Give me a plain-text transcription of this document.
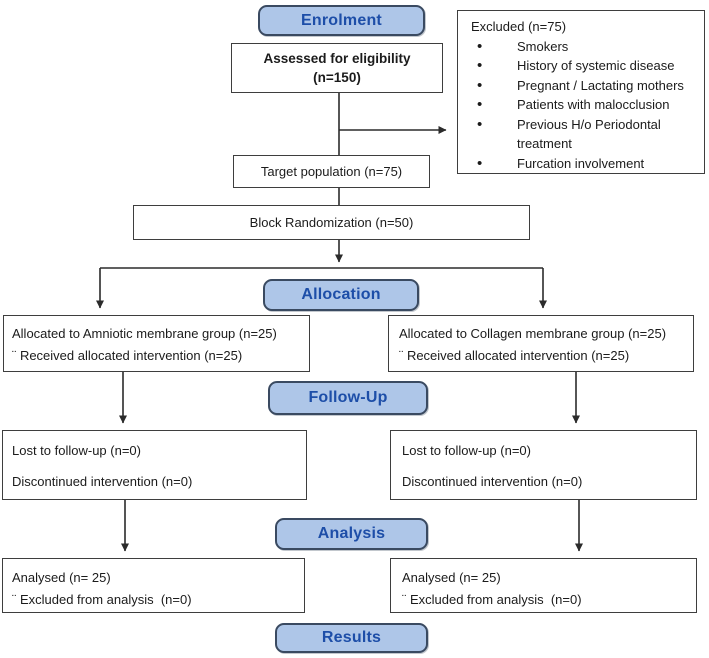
Enrolment
Assessed for eligibility
(n=150)
Excluded (n=75)
•
Smokers
•
History of systemic disease
•
Pregnant / Lactating mothers
•
Patients with malocclusion
•
Previous H/o Periodontal treatment
•
Furcation involvement
Target population (n=75)
Block Randomization (n=50)
Allocation
Allocated to Amniotic membrane group (n=25)
¨ Received allocated intervention (n=25)
Allocated to Collagen membrane group (n=25)
¨ Received allocated intervention (n=25)
Follow-Up
Lost to follow-up (n=0)
Discontinued intervention (n=0)
Lost to follow-up (n=0)
Discontinued intervention (n=0)
Analysis
Analysed (n= 25)
¨ Excluded from analysis  (n=0)
Analysed (n= 25)
¨ Excluded from analysis  (n=0)
Results
